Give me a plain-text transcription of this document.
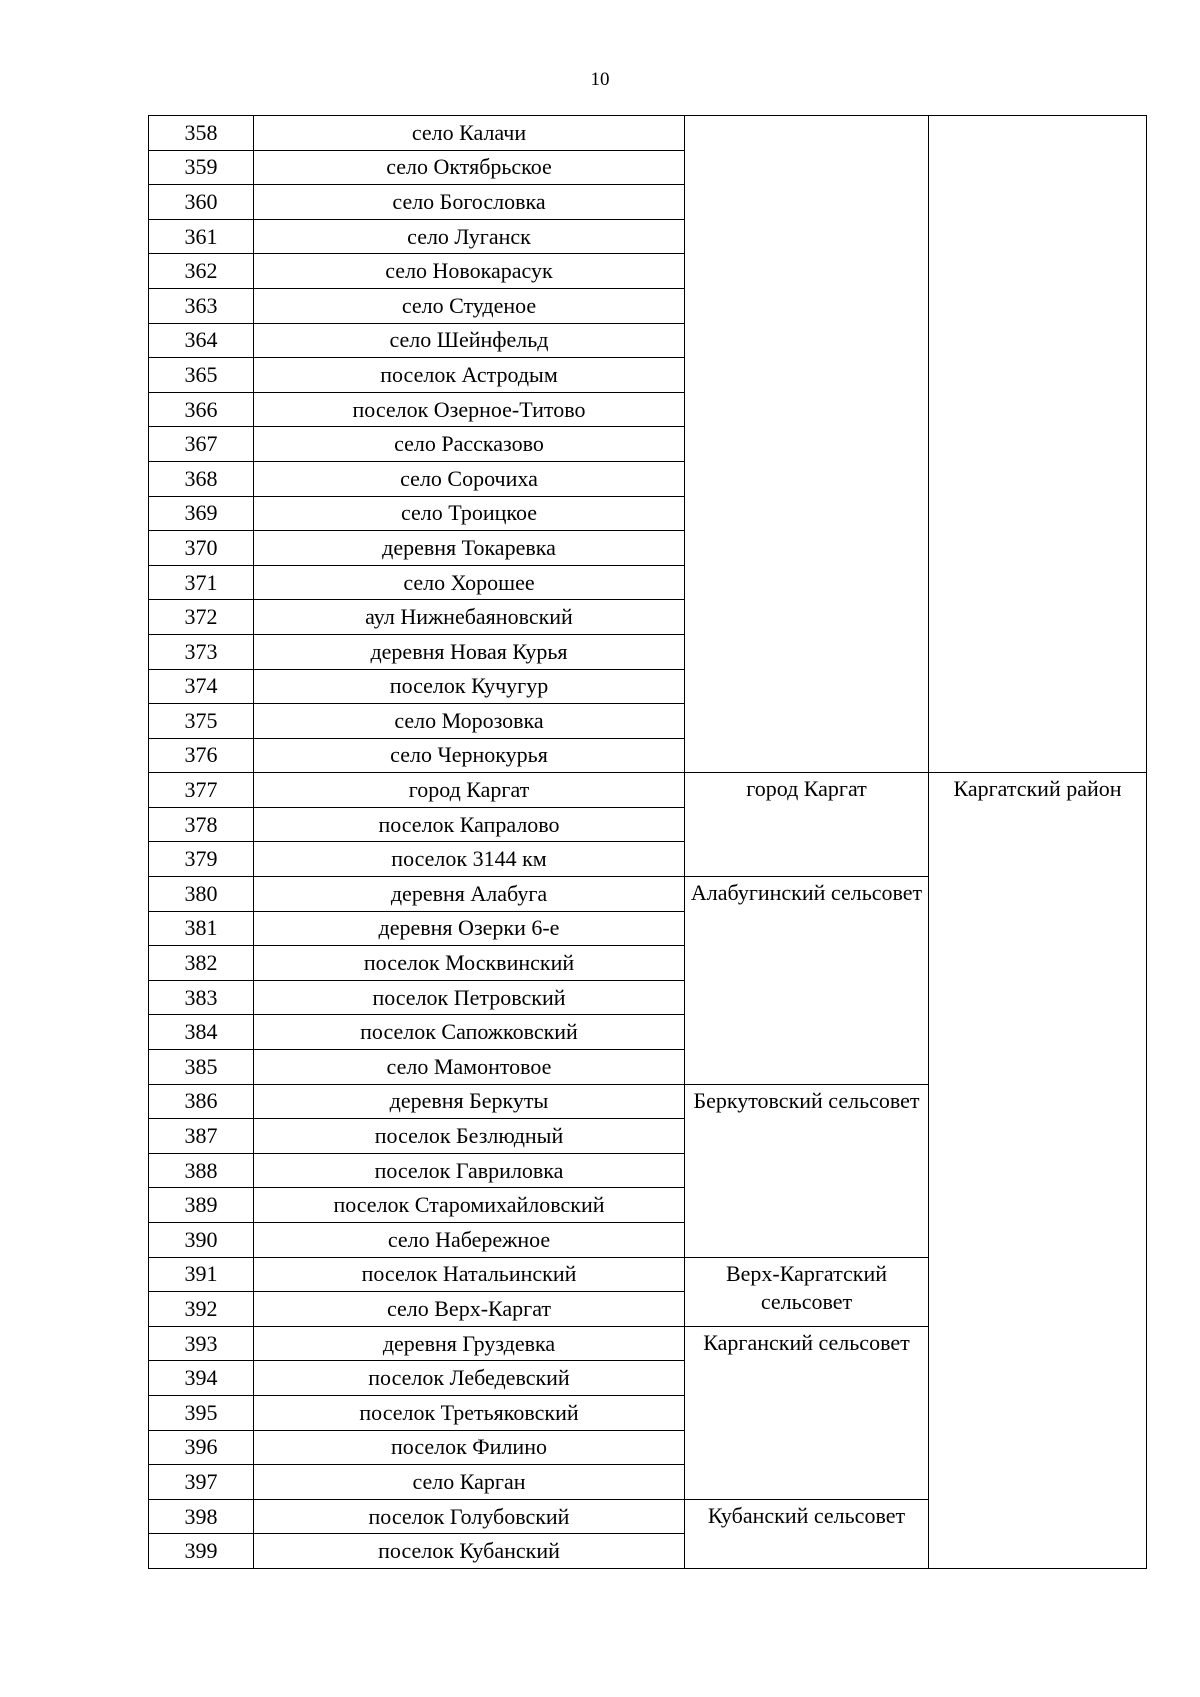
10
358	село Калачи		
359	село Октябрьское		
360	село Богословка		
361	село Луганск		
362	село Новокарасук		
363	село Студеное		
364	село Шейнфельд		
365	поселок Астродым		
366	поселок Озерное-Титово		
367	село Рассказово		
368	село Сорочиха		
369	село Троицкое		
370	деревня Токаревка		
371	село Хорошее		
372	аул Нижнебаяновский		
373	деревня Новая Курья		
374	поселок Кучугур		
375	село Морозовка		
376	село Чернокурья		
377	город Каргат	город Каргат	Каргатский район
378	поселок Капралово		
379	поселок 3144 км		
380	деревня Алабуга	Алабугинский сельсовет	
381	деревня Озерки 6-е		
382	поселок Москвинский		
383	поселок Петровский		
384	поселок Сапожковский		
385	село Мамонтовое		
386	деревня Беркуты	Беркутовский сельсовет	
387	поселок Безлюдный		
388	поселок Гавриловка		
389	поселок Старомихайловский		
390	село Набережное		
391	поселок Натальинский	Верх-Каргатский сельсовет	
392	село Верх-Каргат		
393	деревня Груздевка	Карганский сельсовет	
394	поселок Лебедевский		
395	поселок Третьяковский		
396	поселок Филино		
397	село Карган		
398	поселок Голубовский	Кубанский сельсовет	
399	поселок Кубанский		
